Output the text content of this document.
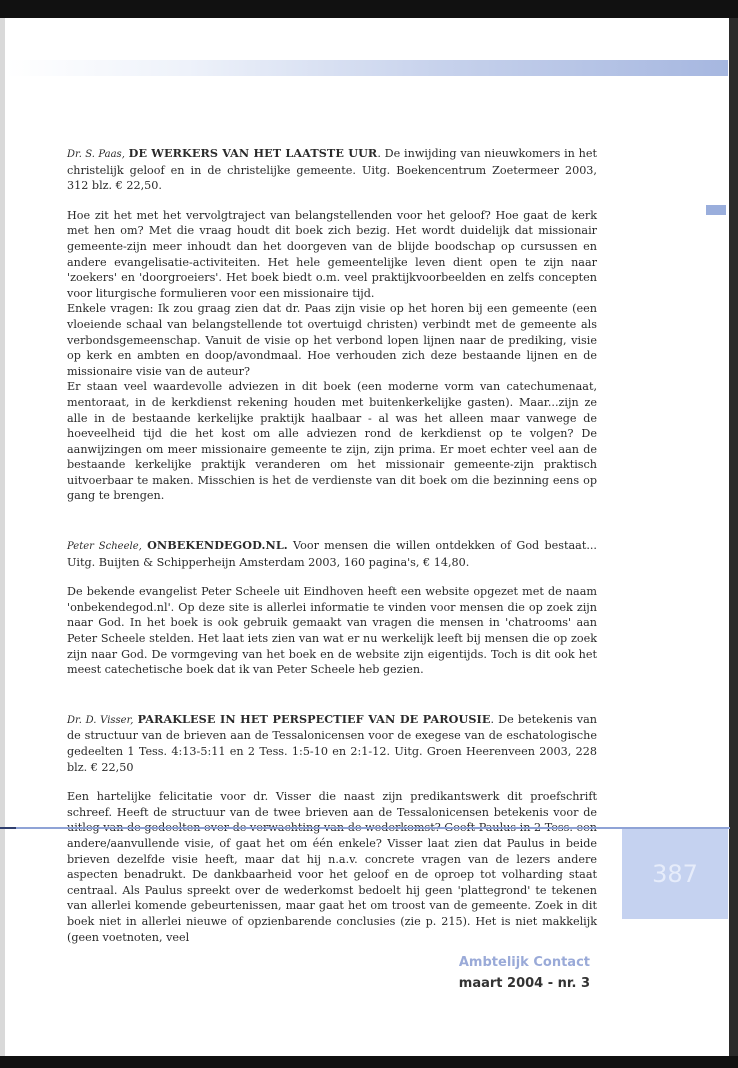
Dr. S. Paas, DE WERKERS VAN HET LAATSTE UUR. De inwijding van nieuwkomers in het christelijk geloof en in de christelijke gemeente. Uitg. Boekencentrum Zoetermeer 2003, 312 blz. € 22,50.

Hoe zit het met het vervolgtraject van belangstellenden voor het geloof? Hoe gaat de kerk met hen om? Met die vraag houdt dit boek zich bezig. Het wordt duidelijk dat missionair gemeente-zijn meer inhoudt dan het doorgeven van de blijde boodschap op cursussen en andere evangelisatie-activiteiten. Het hele gemeentelijke leven dient open te zijn naar 'zoekers' en 'doorgroeiers'. Het boek biedt o.m. veel praktijkvoorbeelden en zelfs concepten voor liturgische formulieren voor een missionaire tijd.

Enkele vragen: Ik zou graag zien dat dr. Paas zijn visie op het horen bij een gemeente (een vloeiende schaal van belangstellende tot overtuigd christen) verbindt met de gemeente als verbondsgemeenschap. Vanuit de visie op het verbond lopen lijnen naar de prediking, visie op kerk en ambten en doop/avondmaal. Hoe verhouden zich deze bestaande lijnen en de missionaire visie van de auteur?

Er staan veel waardevolle adviezen in dit boek (een moderne vorm van catechumenaat, mentoraat, in de kerkdienst rekening houden met buitenkerkelijke gasten). Maar...zijn ze alle in de bestaande kerkelijke praktijk haalbaar - al was het alleen maar vanwege de hoeveelheid tijd die het kost om alle adviezen rond de kerkdienst op te volgen? De aanwijzingen om meer missionaire gemeente te zijn, zijn prima. Er moet echter veel aan de bestaande kerkelijke praktijk veranderen om het missionair gemeente-zijn praktisch uitvoerbaar te maken. Misschien is het de verdienste van dit boek om die bezinning eens op gang te brengen.

Peter Scheele, ONBEKENDEGOD.NL. Voor mensen die willen ontdekken of God bestaat... Uitg. Buijten & Schipperheijn Amsterdam 2003, 160 pagina's, € 14,80.

De bekende evangelist Peter Scheele uit Eindhoven heeft een website opgezet met de naam 'onbekendegod.nl'. Op deze site is allerlei informatie te vinden voor mensen die op zoek zijn naar God. In het boek is ook gebruik gemaakt van vragen die mensen in 'chatrooms' aan Peter Scheele stelden. Het laat iets zien van wat er nu werkelijk leeft bij mensen die op zoek zijn naar God. De vormgeving van het boek en de website zijn eigentijds. Toch is dit ook het meest catechetische boek dat ik van Peter Scheele heb gezien.

Dr. D. Visser, PARAKLESE IN HET PERSPECTIEF VAN DE PAROUSIE. De betekenis van de structuur van de brieven aan de Tessalonicensen voor de exegese van de eschatologische gedeelten 1 Tess. 4:13-5:11 en 2 Tess. 1:5-10 en 2:1-12. Uitg. Groen Heerenveen 2003, 228 blz. € 22,50

Een hartelijke felicitatie voor dr. Visser die naast zijn predikantswerk dit proefschrift schreef. Heeft de structuur van de twee brieven aan de Tessalonicensen betekenis voor de andere/aanvullende visie, of gaat het om één enkele? Visser laat zien dat Paulus in beide brieven dezelfde visie heeft, maar dat hij n.a.v. concrete vragen van de lezers andere aspecten benadrukt. De dankbaarheid voor het geloof en de oproep tot volharding staat centraal. Als Paulus spreekt over de wederkomst bedoelt hij geen 'plattegrond' te tekenen van allerlei komende gebeurtenissen, maar gaat het om troost van de gemeente. Zoek in dit boek niet in allerlei nieuwe of opzienbarende conclusies (zie p. 215). Het is niet makkelijk (geen voetnoten, veel

387
Ambtelijk Contact
maart 2004 - nr. 3
